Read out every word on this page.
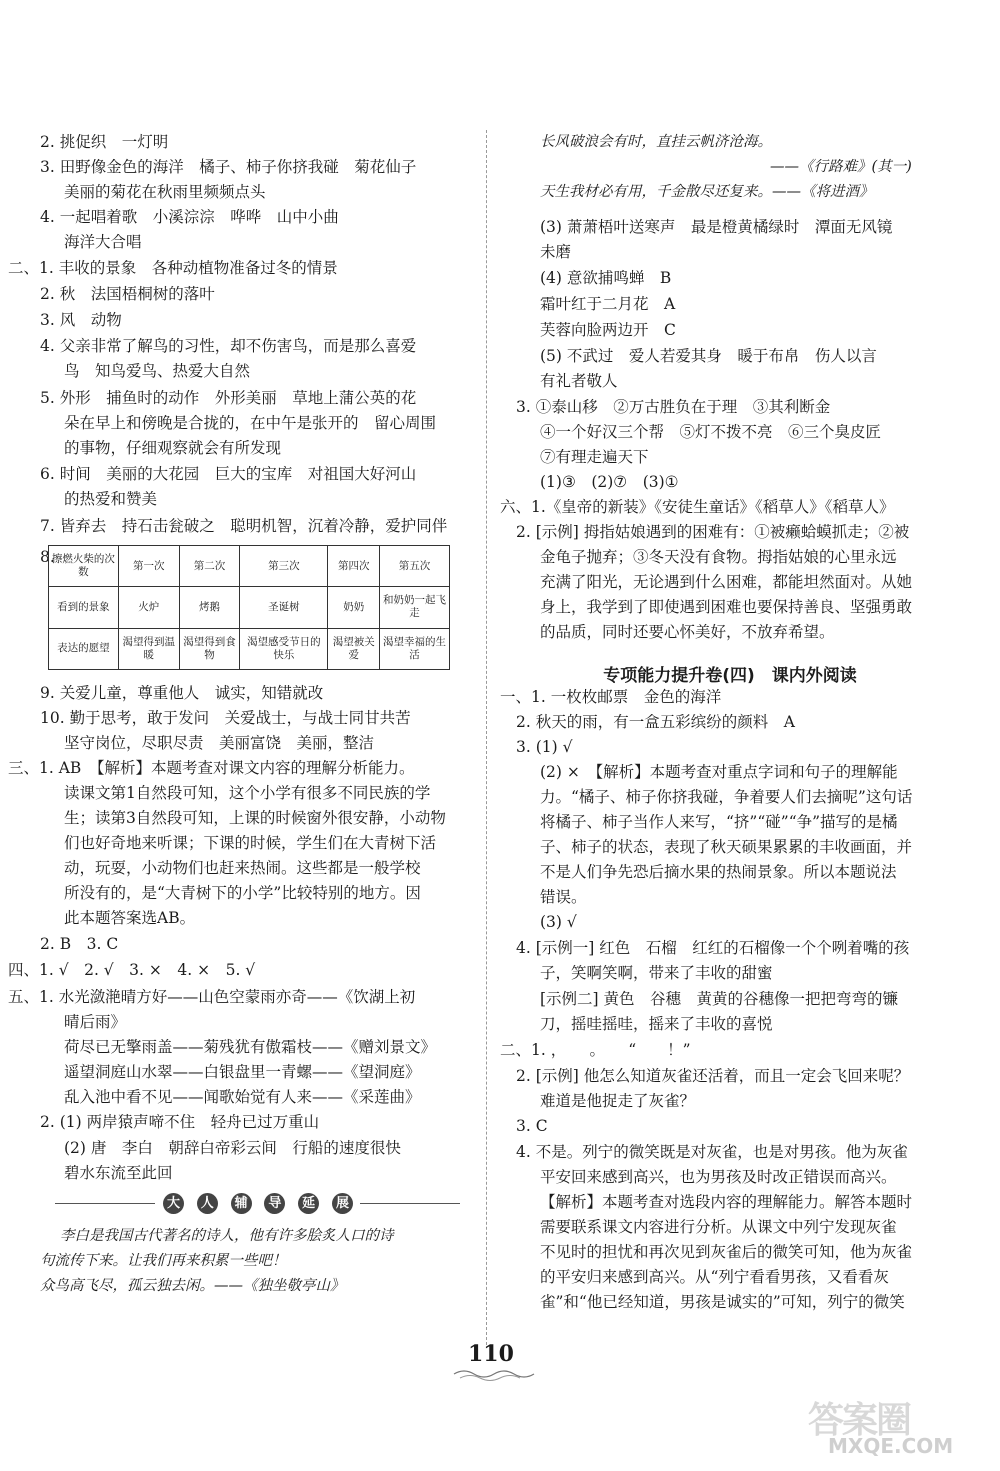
2. 挑促织　一灯明
3. 田野像金色的海洋　橘子、柿子你挤我碰　菊花仙子
美丽的菊花在秋雨里频频点头
4. 一起唱着歌　小溪淙淙　哗哗　山中小曲
海洋大合唱
二、1. 丰收的景象　各种动植物准备过冬的情景
2. 秋　法国梧桐树的落叶
3. 风　动物
4. 父亲非常了解鸟的习性，却不伤害鸟，而是那么喜爱
鸟　知鸟爱鸟、热爱大自然
5. 外形　捕鱼时的动作　外形美丽　草地上蒲公英的花
朵在早上和傍晚是合拢的，在中午是张开的　留心周围
的事物，仔细观察就会有所发现
6. 时间　美丽的大花园　巨大的宝库　对祖国大好河山
的热爱和赞美
7. 皆弃去　持石击瓮破之　聪明机智，沉着冷静，爱护同伴
8.
9. 关爱儿童，尊重他人　诚实，知错就改
10. 勤于思考，敢于发问　关爱战士，与战士同甘共苦
坚守岗位，尽职尽责　美丽富饶　美丽，整洁
三、1. AB　【解析】本题考查对课文内容的理解分析能力。
读课文第1自然段可知，这个小学有很多不同民族的学
生；读第3自然段可知，上课的时候窗外很安静，小动物
们也好奇地来听课；下课的时候，学生们在大青树下活
动，玩耍，小动物们也赶来热闹。这些都是一般学校
所没有的，是“大青树下的小学”比较特别的地方。因
此本题答案选AB。
2. B　3. C
四、1. √　2. √　3. ×　4. ×　5. √
五、1. 水光潋滟晴方好——山色空蒙雨亦奇——《饮湖上初
晴后雨》
荷尽已无擎雨盖——菊残犹有傲霜枝——《赠刘景文》
遥望洞庭山水翠——白银盘里一青螺——《望洞庭》
乱入池中看不见——闻歌始觉有人来——《采莲曲》
2. (1) 两岸猿声啼不住　轻舟已过万重山
(2) 唐　李白　朝辞白帝彩云间　行船的速度很快
碧水东流至此回
擦燃火柴的次数	第一次	第二次	第三次	第四次	第五次
看到的景象	火炉	烤鹅	圣诞树	奶奶	和奶奶一起飞走
表达的愿望	渴望得到温暖	渴望得到食物	渴望感受节日的快乐	渴望被关爱	渴望幸福的生活
大	人	辅	导	延	展
李白是我国古代著名的诗人，他有许多脍炙人口的诗
句流传下来。让我们再来积累一些吧！
众鸟高飞尽，孤云独去闲。——《独坐敬亭山》
专项能力提升卷(四)　课内外阅读
长风破浪会有时，直挂云帆济沧海。
——《行路难》(其一)
天生我材必有用，千金散尽还复来。——《将进酒》
(3) 萧萧梧叶送寒声　最是橙黄橘绿时　潭面无风镜
未磨
(4) 意欲捕鸣蝉　B
霜叶红于二月花　A
芙蓉向脸两边开　C
(5) 不武过　爱人若爱其身　暖于布帛　伤人以言
有礼者敬人
3. ①泰山移　②万古胜负在于理　③其利断金
④一个好汉三个帮　⑤灯不拨不亮　⑥三个臭皮匠
⑦有理走遍天下
(1)③　(2)⑦　(3)①
六、1.《皇帝的新装》《安徒生童话》《稻草人》《稻草人》
2. [示例] 拇指姑娘遇到的困难有：①被癞蛤蟆抓走；②被
金龟子抛弃；③冬天没有食物。拇指姑娘的心里永远
充满了阳光，无论遇到什么困难，都能坦然面对。从她
身上，我学到了即使遇到困难也要保持善良、坚强勇敢
的品质，同时还要心怀美好，不放弃希望。
一、1. 一枚枚邮票　金色的海洋
2. 秋天的雨，有一盒五彩缤纷的颜料　A
3. (1) √
(2) ×　【解析】本题考查对重点字词和句子的理解能
力。“橘子、柿子你挤我碰，争着要人们去摘呢”这句话
将橘子、柿子当作人来写，“挤”“碰”“争”描写的是橘
子、柿子的状态，表现了秋天硕果累累的丰收画面，并
不是人们争先恐后摘水果的热闹景象。所以本题说法
错误。
(3) √
4. [示例一] 红色　石榴　红红的石榴像一个个咧着嘴的孩
子，笑啊笑啊，带来了丰收的甜蜜
[示例二] 黄色　谷穗　黄黄的谷穗像一把把弯弯的镰
刀，摇哇摇哇，摇来了丰收的喜悦
二、1. ，　　。　　“　　！”
2. [示例] 他怎么知道灰雀还活着，而且一定会飞回来呢？
难道是他捉走了灰雀？
3. C
4. 不是。列宁的微笑既是对灰雀，也是对男孩。他为灰雀
平安回来感到高兴，也为男孩及时改正错误而高兴。
【解析】本题考查对选段内容的理解能力。解答本题时
需要联系课文内容进行分析。从课文中列宁发现灰雀
不见时的担忧和再次见到灰雀后的微笑可知，他为灰雀
的平安归来感到高兴。从“列宁看看男孩，又看看灰
雀”和“他已经知道，男孩是诚实的”可知，列宁的微笑
110
答案圈
MXQE.COM
